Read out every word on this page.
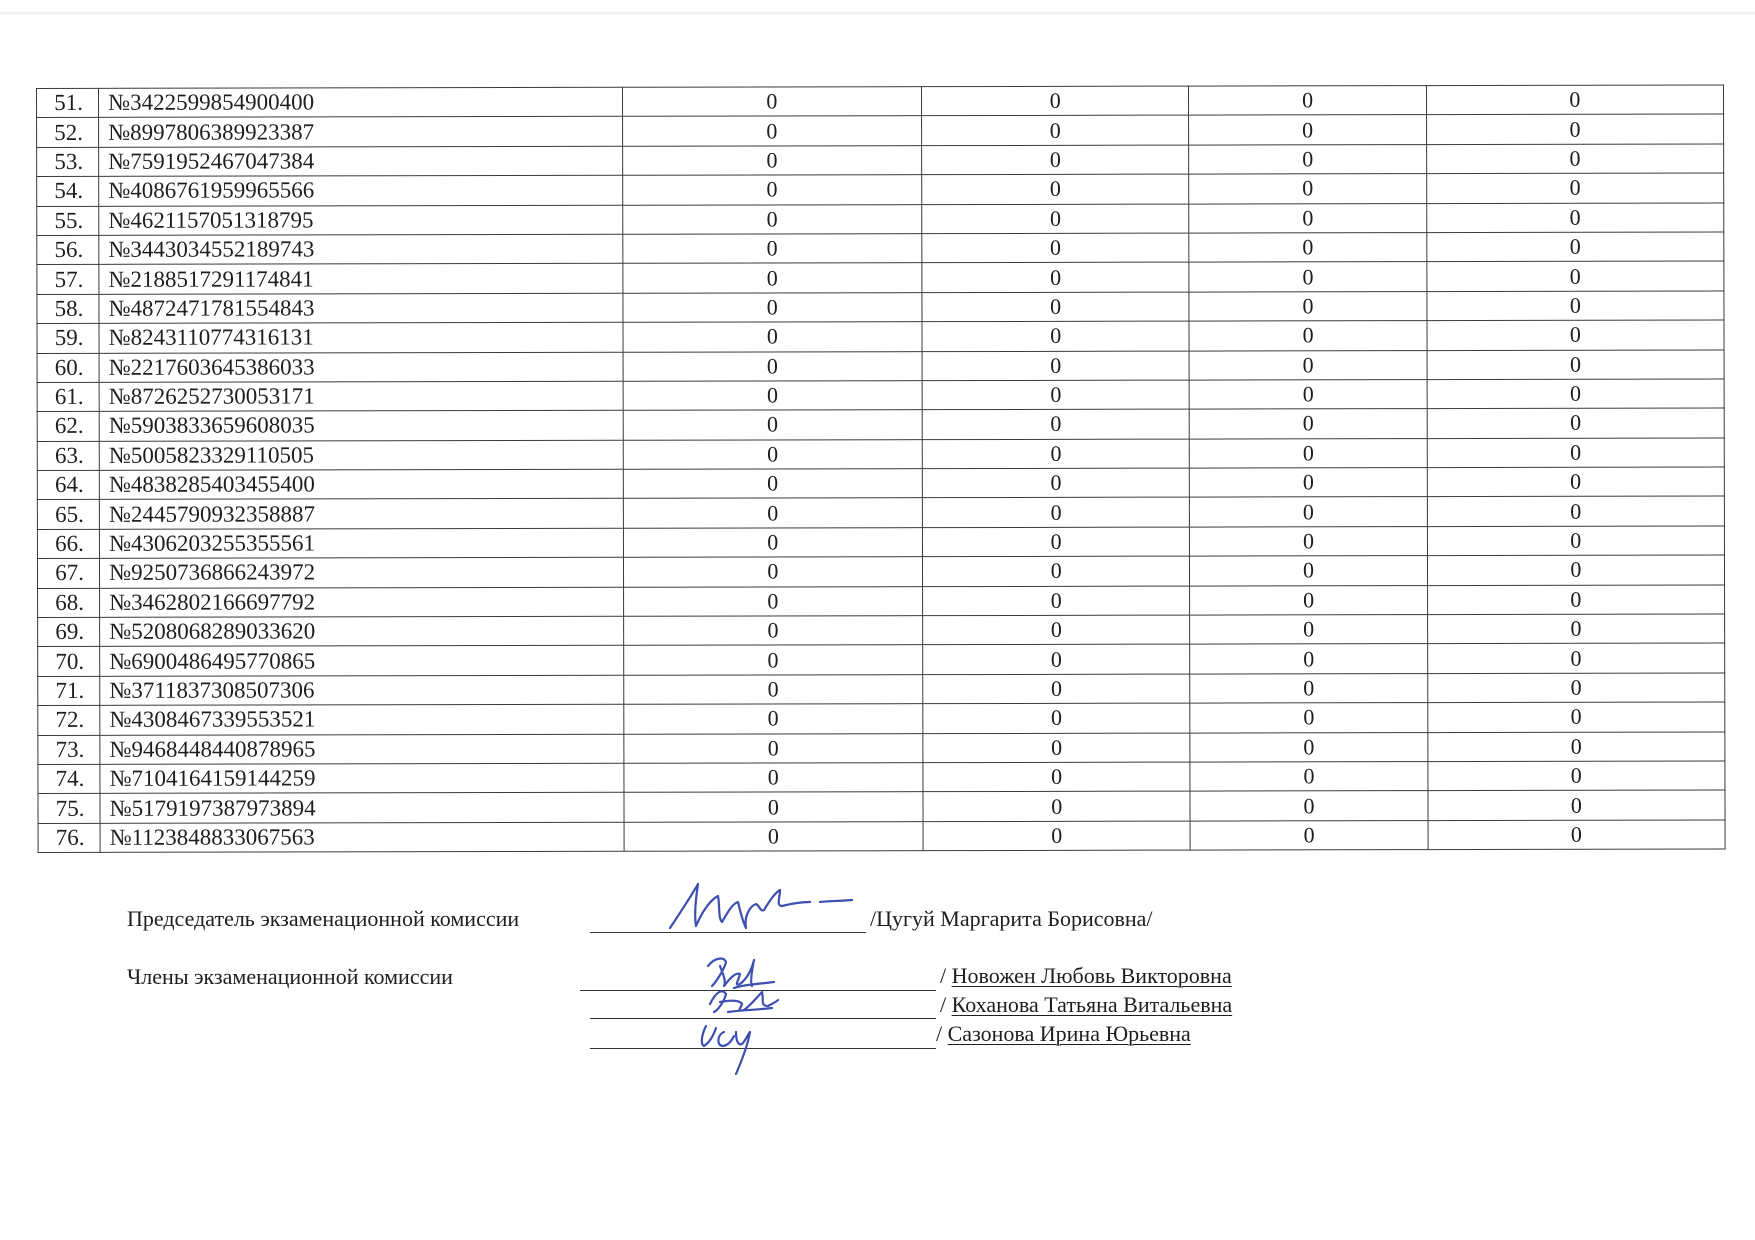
51.	№3422599854900400	0	0	0	0
52.	№8997806389923387	0	0	0	0
53.	№7591952467047384	0	0	0	0
54.	№4086761959965566	0	0	0	0
55.	№4621157051318795	0	0	0	0
56.	№3443034552189743	0	0	0	0
57.	№2188517291174841	0	0	0	0
58.	№4872471781554843	0	0	0	0
59.	№8243110774316131	0	0	0	0
60.	№2217603645386033	0	0	0	0
61.	№8726252730053171	0	0	0	0
62.	№5903833659608035	0	0	0	0
63.	№5005823329110505	0	0	0	0
64.	№4838285403455400	0	0	0	0
65.	№2445790932358887	0	0	0	0
66.	№4306203255355561	0	0	0	0
67.	№9250736866243972	0	0	0	0
68.	№3462802166697792	0	0	0	0
69.	№5208068289033620	0	0	0	0
70.	№6900486495770865	0	0	0	0
71.	№3711837308507306	0	0	0	0
72.	№4308467339553521	0	0	0	0
73.	№9468448440878965	0	0	0	0
74.	№7104164159144259	0	0	0	0
75.	№5179197387973894	0	0	0	0
76.	№1123848833067563	0	0	0	0
Председатель экзаменационной комиссии	/Цугуй Маргарита Борисовна/
Члены экзаменационной комиссии	/ Новожен Любовь Викторовна
/ Коханова Татьяна Витальевна
/ Сазонова Ирина Юрьевна
